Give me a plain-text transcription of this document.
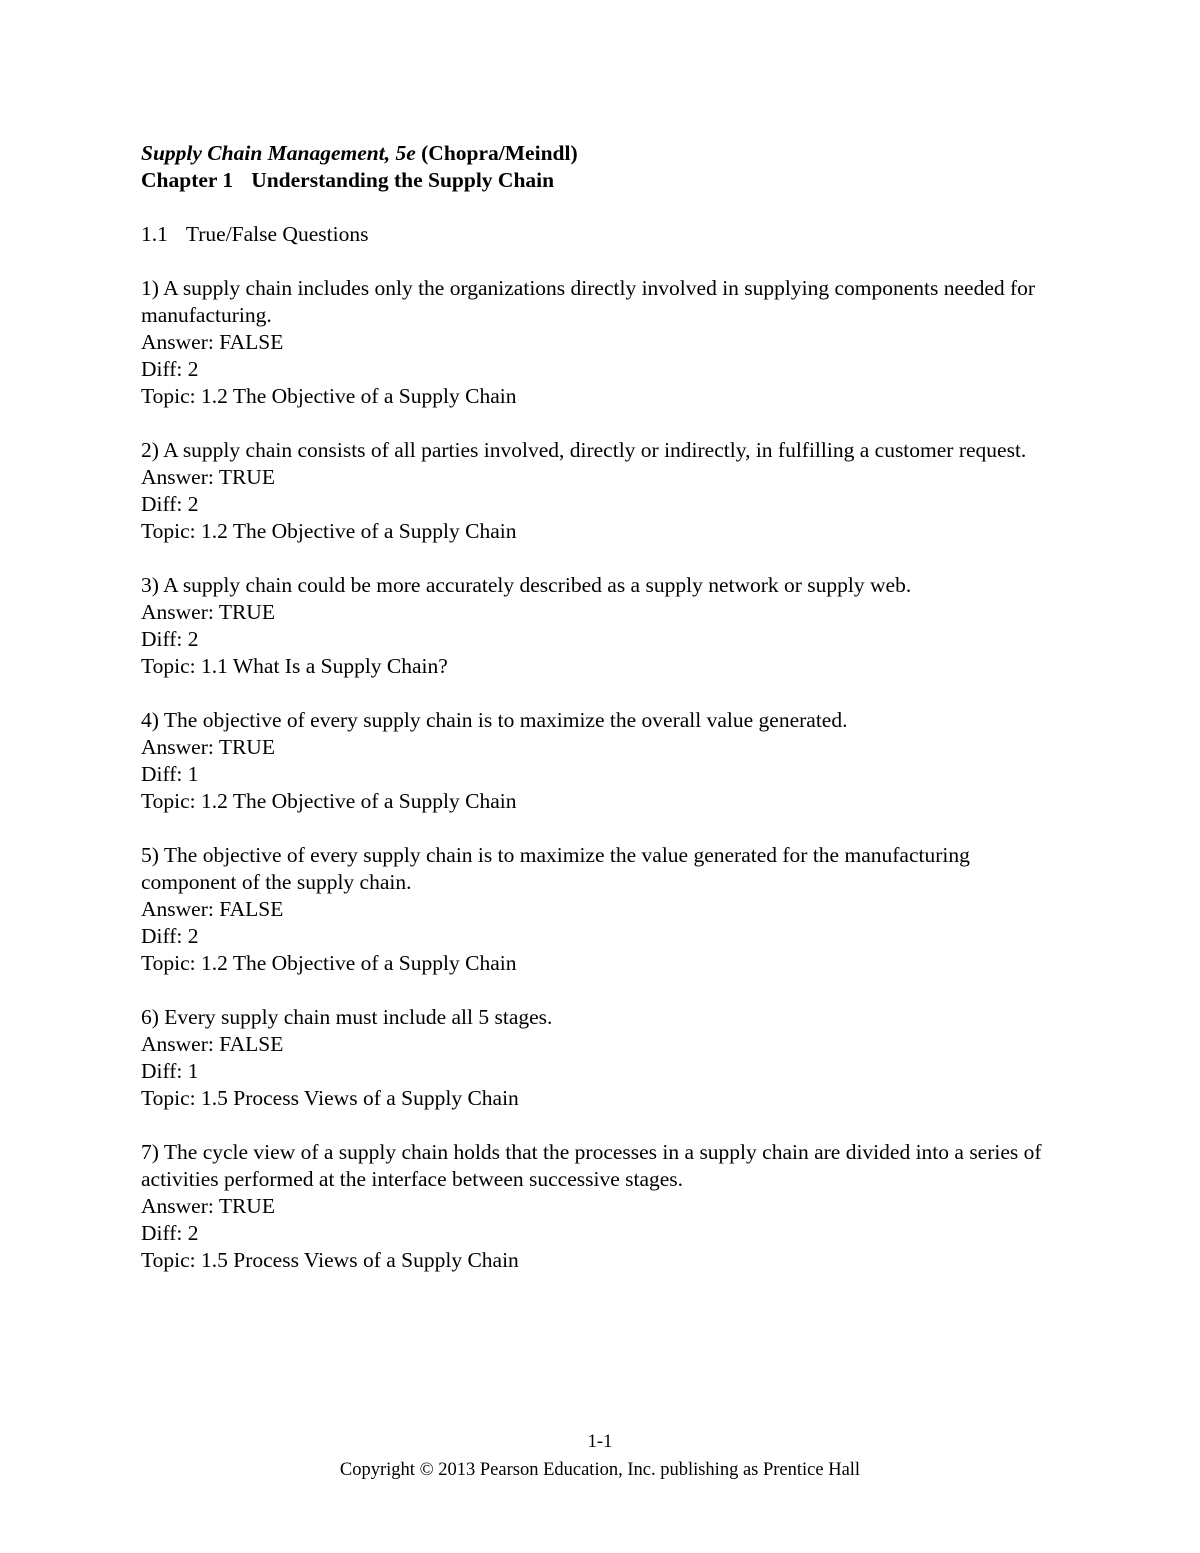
Supply Chain Management, 5e (Chopra/Meindl)

Chapter 1 Understanding the Supply Chain

1.1 True/False Questions

1) A supply chain includes only the organizations directly involved in supplying components needed for manufacturing.

Answer: FALSE

Diff: 2

Topic: 1.2 The Objective of a Supply Chain

2) A supply chain consists of all parties involved, directly or indirectly, in fulfilling a customer request.

Answer: TRUE

Diff: 2

Topic: 1.2 The Objective of a Supply Chain

3) A supply chain could be more accurately described as a supply network or supply web.

Answer: TRUE

Diff: 2

Topic: 1.1 What Is a Supply Chain?

4) The objective of every supply chain is to maximize the overall value generated.

Answer: TRUE

Diff: 1

Topic: 1.2 The Objective of a Supply Chain

5) The objective of every supply chain is to maximize the value generated for the manufacturing component of the supply chain.

Answer: FALSE

Diff: 2

Topic: 1.2 The Objective of a Supply Chain

6) Every supply chain must include all 5 stages.

Answer: FALSE

Diff: 1

Topic: 1.5 Process Views of a Supply Chain

7) The cycle view of a supply chain holds that the processes in a supply chain are divided into a series of activities performed at the interface between successive stages.

Answer: TRUE

Diff: 2

Topic: 1.5 Process Views of a Supply Chain

1-1
Copyright © 2013 Pearson Education, Inc. publishing as Prentice Hall
